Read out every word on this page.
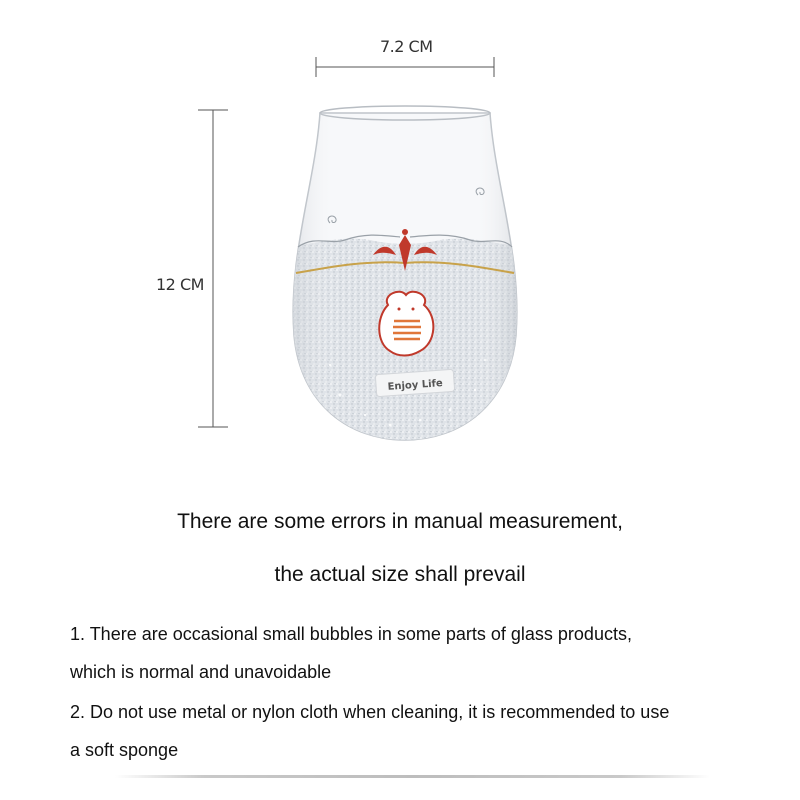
7.2 CM
12 CM
Enjoy Life
There are some errors in manual measurement,
the actual size shall prevail
1. There are occasional small bubbles in some parts of glass products,
which is normal and unavoidable
2. Do not use metal or nylon cloth when cleaning, it is recommended to use
a soft sponge
